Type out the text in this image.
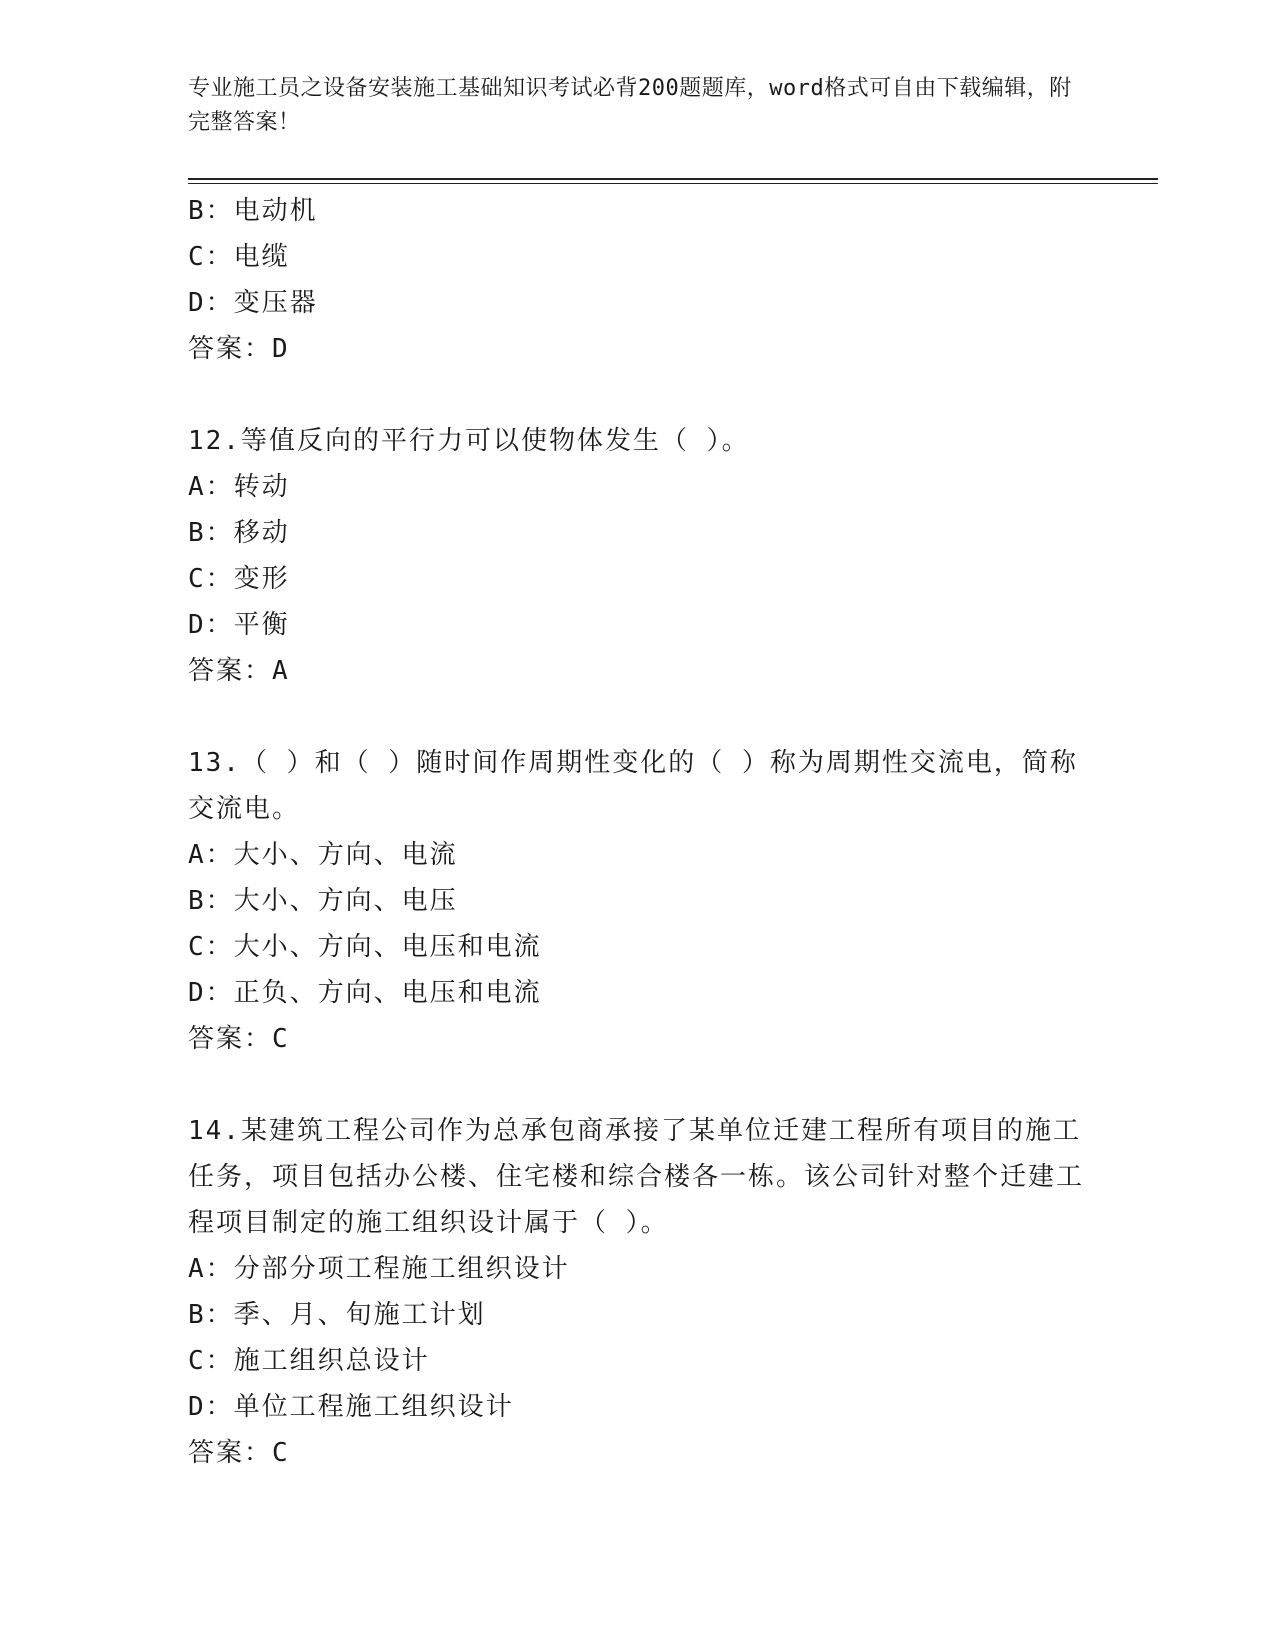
专业施工员之设备安装施工基础知识考试必背200题题库，word格式可自由下载编辑，附完整答案！
B：电动机
C：电缆
D：变压器
答案：D
12.等值反向的平行力可以使物体发生（ ）。
A：转动
B：移动
C：变形
D：平衡
答案：A
13.（ ）和（ ）随时间作周期性变化的（ ）称为周期性交流电，简称交流电。
A：大小、方向、电流
B：大小、方向、电压
C：大小、方向、电压和电流
D：正负、方向、电压和电流
答案：C
14.某建筑工程公司作为总承包商承接了某单位迁建工程所有项目的施工任务，项目包括办公楼、住宅楼和综合楼各一栋。该公司针对整个迁建工程项目制定的施工组织设计属于（ ）。
A：分部分项工程施工组织设计
B：季、月、旬施工计划
C：施工组织总设计
D：单位工程施工组织设计
答案：C
